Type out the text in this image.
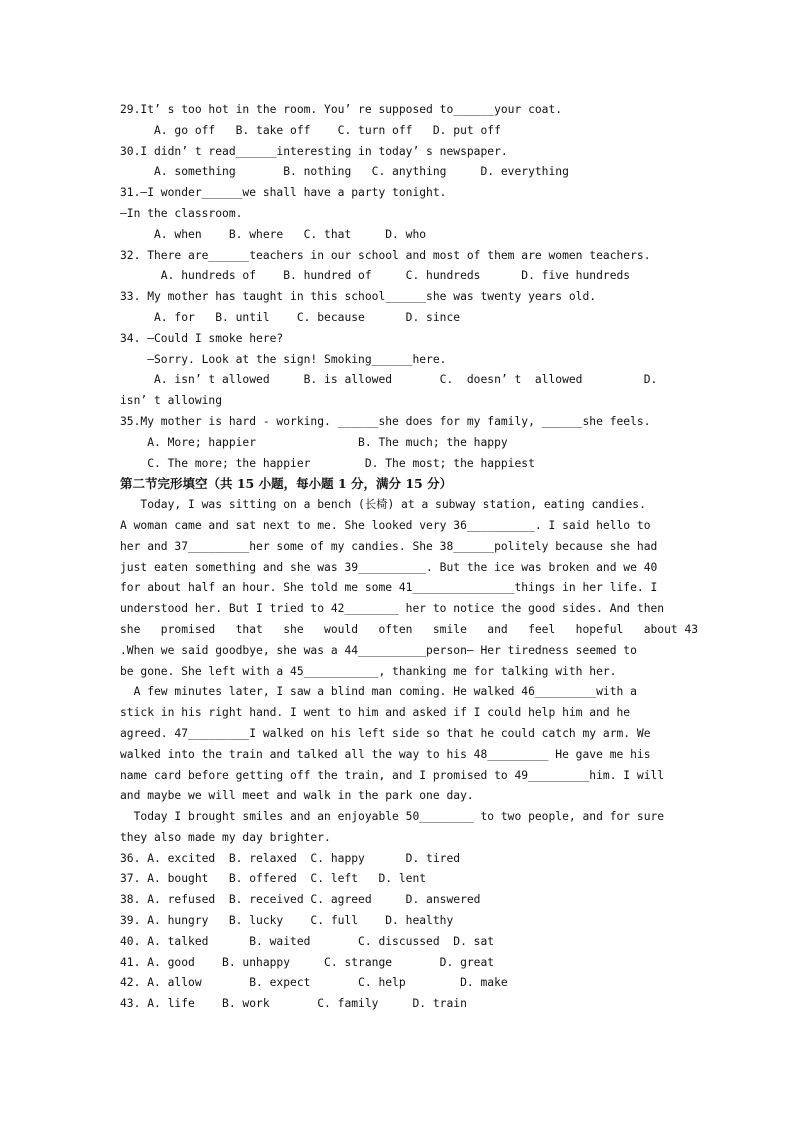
29.It’ s too hot in the room. You’ re supposed to______your coat.
A. go off   B. take off    C. turn off   D. put off
30.I didn’ t read______interesting in today’ s newspaper.
A. something       B. nothing   C. anything     D. everything
31.—I wonder______we shall have a party tonight.
—In the classroom.
A. when    B. where   C. that     D. who
32. There are______teachers in our school and most of them are women teachers.
A. hundreds of    B. hundred of     C. hundreds      D. five hundreds
33. My mother has taught in this school______she was twenty years old.
A. for   B. until    C. because      D. since
34. —Could I smoke here?
—Sorry. Look at the sign! Smoking______here.
A. isn’ t allowed     B. is allowed       C.  doesn’ t  allowed         D.
isn’ t allowing
35.My mother is hard - working. ______she does for my family, ______she feels.
A. More; happier               B. The much; the happy
C. The more; the happier        D. The most; the happiest
第二节完形填空（共 15 小题，每小题 1 分，满分 15 分）
Today, I was sitting on a bench (长椅) at a subway station, eating candies.
A woman came and sat next to me. She looked very 36__________. I said hello to
her and 37_________her some of my candies. She 38______politely because she had
just eaten something and she was 39__________. But the ice was broken and we 40
for about half an hour. She told me some 41_______________things in her life. I
understood her. But I tried to 42________ her to notice the good sides. And then
she   promised   that   she   would   often   smile   and   feel   hopeful   about 43
.When we said goodbye, she was a 44__________person— Her tiredness seemed to
be gone. She left with a 45___________, thanking me for talking with her.
A few minutes later, I saw a blind man coming. He walked 46_________with a
stick in his right hand. I went to him and asked if I could help him and he
agreed. 47_________I walked on his left side so that he could catch my arm. We
walked into the train and talked all the way to his 48_________ He gave me his
name card before getting off the train, and I promised to 49_________him. I will
and maybe we will meet and walk in the park one day.
Today I brought smiles and an enjoyable 50________ to two people, and for sure
they also made my day brighter.
36. A. excited  B. relaxed  C. happy      D. tired
37. A. bought   B. offered  C. left   D. lent
38. A. refused  B. received C. agreed     D. answered
39. A. hungry   B. lucky    C. full    D. healthy
40. A. talked      B. waited       C. discussed  D. sat
41. A. good    B. unhappy     C. strange       D. great
42. A. allow       B. expect       C. help        D. make
43. A. life    B. work       C. family     D. train
